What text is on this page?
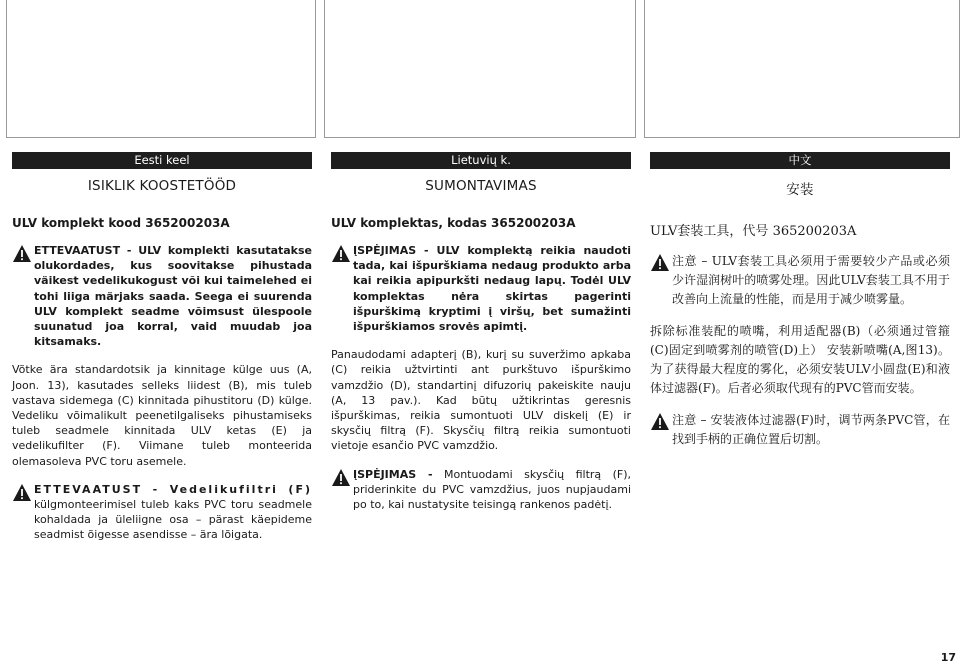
Eesti keel
ISIKLIK KOOSTETÖÖD
ULV komplekt kood 365200203A
ETTEVAATUST - ULV komplekti kasutatakse olukordades, kus soovitakse pihustada väikest vedelikukogust või kui taimelehed ei tohi liiga märjaks saada. Seega ei suurenda ULV komplekt seadme võimsust ülespoole suunatud joa korral, vaid muudab joa kitsamaks.
Võtke ära standardotsik ja kinnitage külge uus (A, Joon. 13), kasutades selleks liidest (B), mis tuleb vastava sidemega (C) kinnitada pihustitoru (D) külge. Vedeliku võimalikult peenetilgaliseks pihustamiseks tuleb seadmele kinnitada ULV ketas (E) ja vedelikufilter (F). Viimane tuleb monteerida olemasoleva PVC toru asemele.
ETTEVAATUST - Vedelikufiltri (F) külgmonteerimisel tuleb kaks PVC toru seadmele kohaldada ja üleliigne osa – pärast käepideme seadmist õigesse asendisse – ära lõigata.
Lietuvių k.
SUMONTAVIMAS
ULV komplektas, kodas 365200203A
ĮSPĖJIMAS - ULV komplektą reikia naudoti tada, kai išpurškiama nedaug produkto arba kai reikia apipurkšti nedaug lapų. Todėl ULV komplektas nėra skirtas pagerinti išpurškimą kryptimi į viršų, bet sumažinti išpurškiamos srovės apimtį.
Panaudodami adapterį (B), kurį su suveržimo apkaba (C) reikia užtvirtinti ant purkštuvo išpurškimo vamzdžio (D), standartinį difuzorių pakeiskite nauju (A, 13 pav.). Kad būtų užtikrintas geresnis išpurškimas, reikia sumontuoti ULV diskelį (E) ir skysčių filtrą (F). Skysčių filtrą reikia sumontuoti vietoje esančio PVC vamzdžio.
ĮSPĖJIMAS - Montuodami skysčių filtrą (F), priderinkite du PVC vamzdžius, juos nupjaudami po to, kai nustatysite teisingą rankenos padėtį.
中文
安装
ULV套装工具，代号 365200203A
注意 – ULV套装工具必须用于需要较少产品或必须少许湿润树叶的喷雾处理。因此ULV套装工具不用于改善向上流量的性能，而是用于减少喷雾量。
拆除标准装配的喷嘴，利用适配器(B)（必须通过管箍(C)固定到喷雾剂的喷管(D)上） 安装新喷嘴(A,图13)。为了获得最大程度的雾化，必须安装ULV小圆盘(E)和液体过滤器(F)。后者必须取代现有的PVC管而安装。
注意 – 安装液体过滤器(F)时，调节两条PVC管，在找到手柄的正确位置后切割。
17
